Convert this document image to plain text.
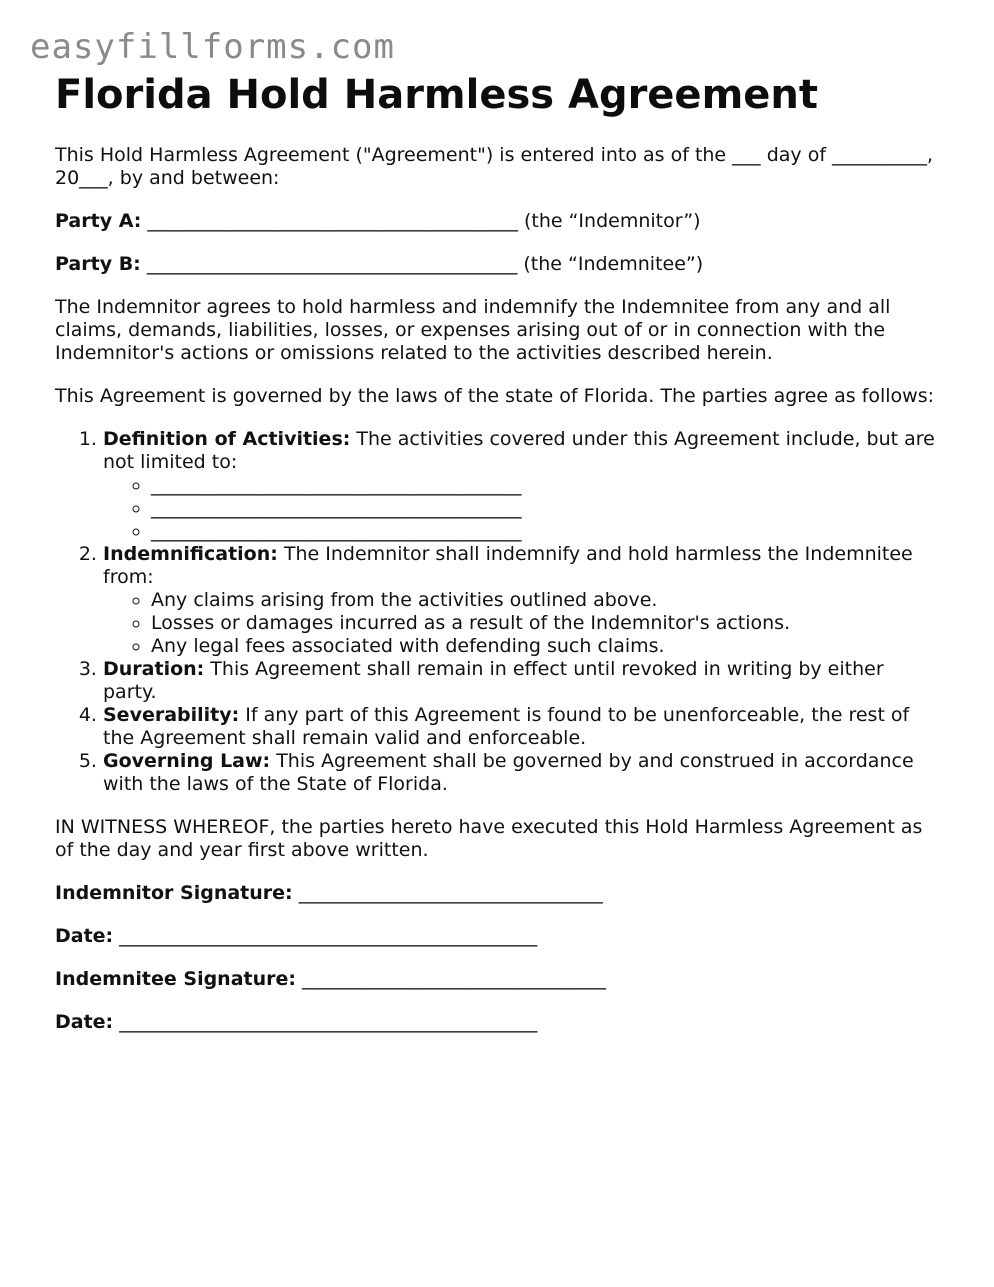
easyfillforms.com
Florida Hold Harmless Agreement

This Hold Harmless Agreement ("Agreement") is entered into as of the ___ day of __________, 20___, by and between:

Party A: _______________________________________ (the “Indemnitor”)
Party B: _______________________________________ (the “Indemnitee”)

The Indemnitor agrees to hold harmless and indemnify the Indemnitee from any and all claims, demands, liabilities, losses, or expenses arising out of or in connection with the Indemnitor's actions or omissions related to the activities described herein.

This Agreement is governed by the laws of the state of Florida. The parties agree as follows:

1. Definition of Activities: The activities covered under this Agreement include, but are not limited to:
◦ _______________________________________
◦ _______________________________________
◦ _______________________________________
2. Indemnification: The Indemnitor shall indemnify and hold harmless the Indemnitee from:
◦ Any claims arising from the activities outlined above.
◦ Losses or damages incurred as a result of the Indemnitor's actions.
◦ Any legal fees associated with defending such claims.
3. Duration: This Agreement shall remain in effect until revoked in writing by either party.
4. Severability: If any part of this Agreement is found to be unenforceable, the rest of the Agreement shall remain valid and enforceable.
5. Governing Law: This Agreement shall be governed by and construed in accordance with the laws of the State of Florida.

IN WITNESS WHEREOF, the parties hereto have executed this Hold Harmless Agreement as of the day and year first above written.

Indemnitor Signature: ________________________________
Date: ____________________________________________
Indemnitee Signature: ________________________________
Date: ____________________________________________
